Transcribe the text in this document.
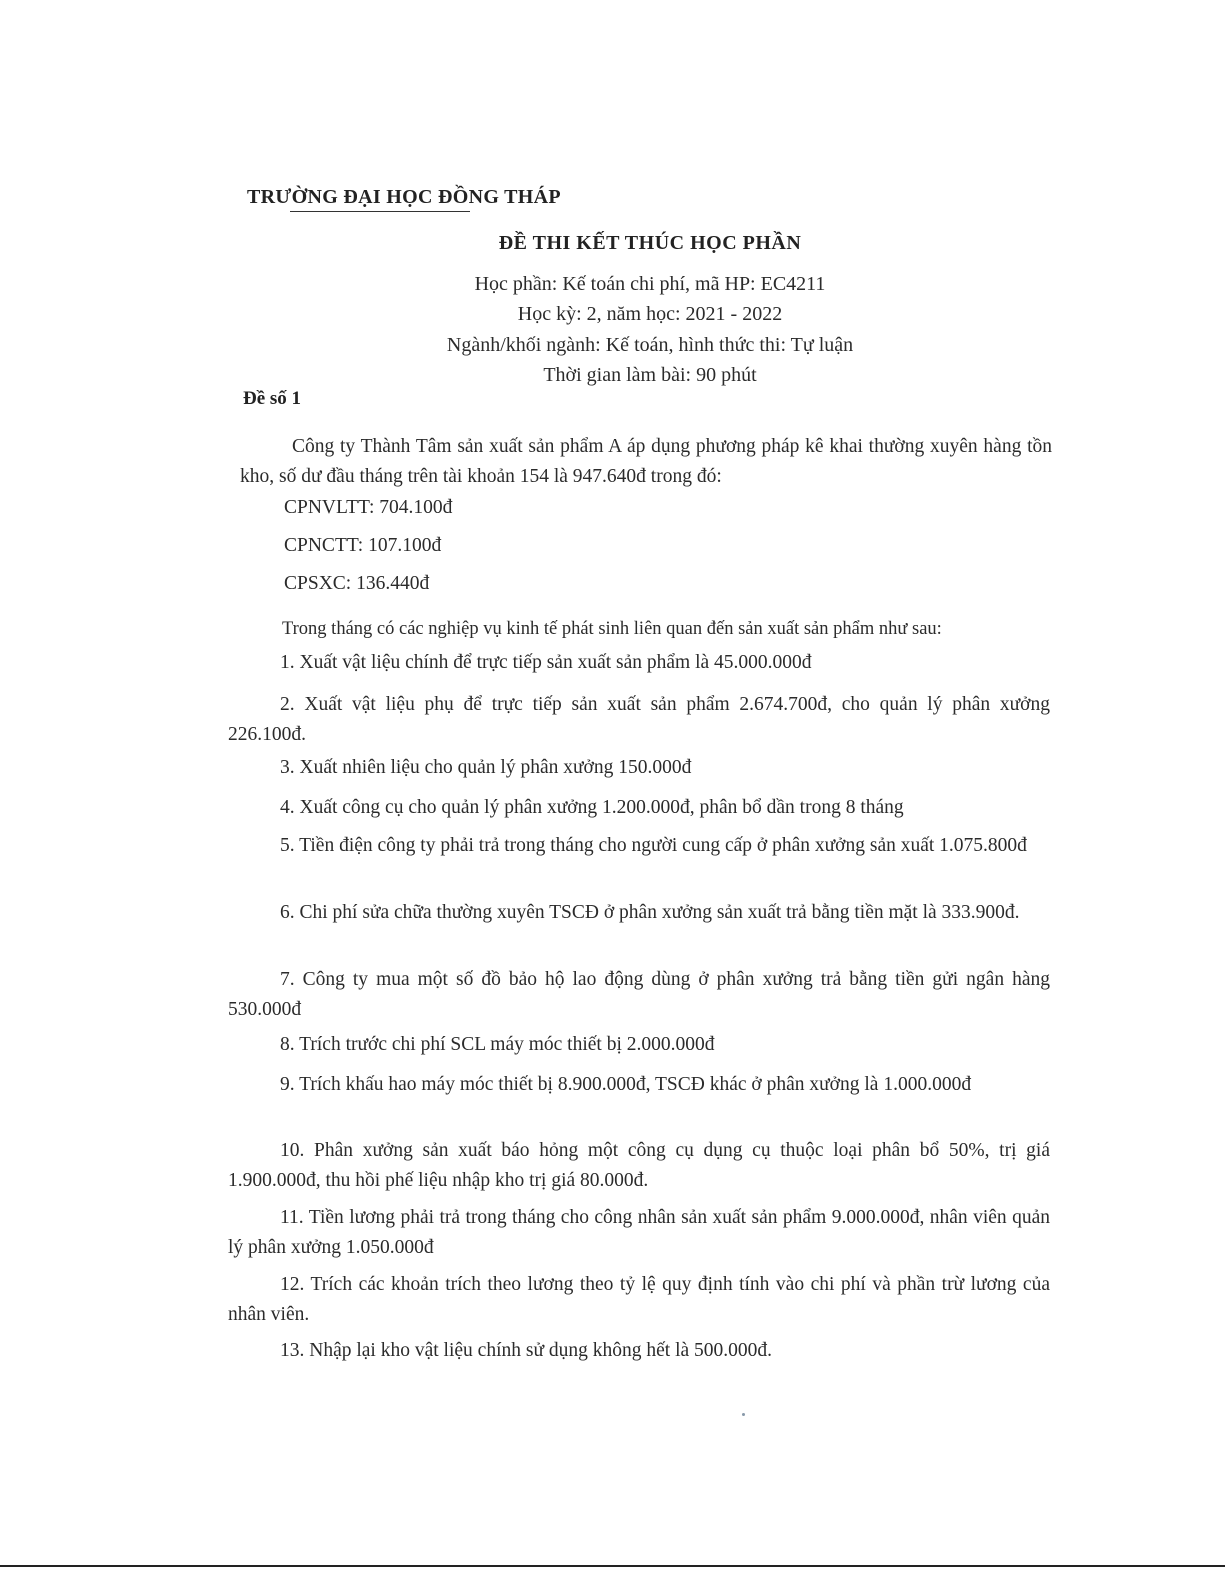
TRƯỜNG ĐẠI HỌC ĐỒNG THÁP
ĐỀ THI KẾT THÚC HỌC PHẦN
Học phần: Kế toán chi phí, mã HP: EC4211
Học kỳ: 2, năm học: 2021 - 2022
Ngành/khối ngành: Kế toán, hình thức thi: Tự luận
Thời gian làm bài: 90 phút
Đề số 1
Công ty Thành Tâm sản xuất sản phẩm A áp dụng phương pháp kê khai thường xuyên hàng tồn kho, số dư đầu tháng trên tài khoản 154 là 947.640đ trong đó:
CPNVLTT: 704.100đ
CPNCTT: 107.100đ
CPSXC: 136.440đ
Trong tháng có các nghiệp vụ kinh tế phát sinh liên quan đến sản xuất sản phẩm như sau:
1. Xuất vật liệu chính để trực tiếp sản xuất sản phẩm là 45.000.000đ
2. Xuất vật liệu phụ để trực tiếp sản xuất sản phẩm 2.674.700đ, cho quản lý phân xưởng 226.100đ.
3. Xuất nhiên liệu cho quản lý phân xưởng 150.000đ
4. Xuất công cụ cho quản lý phân xưởng 1.200.000đ, phân bổ dần trong 8 tháng
5. Tiền điện công ty phải trả trong tháng cho người cung cấp ở phân xưởng sản xuất 1.075.800đ
6. Chi phí sửa chữa thường xuyên TSCĐ ở phân xưởng sản xuất trả bằng tiền mặt là 333.900đ.
7. Công ty mua một số đồ bảo hộ lao động dùng ở phân xưởng trả bằng tiền gửi ngân hàng 530.000đ
8. Trích trước chi phí SCL máy móc thiết bị 2.000.000đ
9. Trích khấu hao máy móc thiết bị 8.900.000đ, TSCĐ khác ở phân xưởng là 1.000.000đ
10. Phân xưởng sản xuất báo hỏng một công cụ dụng cụ thuộc loại phân bổ 50%, trị giá 1.900.000đ, thu hồi phế liệu nhập kho trị giá 80.000đ.
11. Tiền lương phải trả trong tháng cho công nhân sản xuất sản phẩm 9.000.000đ, nhân viên quản lý phân xưởng 1.050.000đ
12. Trích các khoản trích theo lương theo tỷ lệ quy định tính vào chi phí và phần trừ lương của nhân viên.
13. Nhập lại kho vật liệu chính sử dụng không hết là 500.000đ.
